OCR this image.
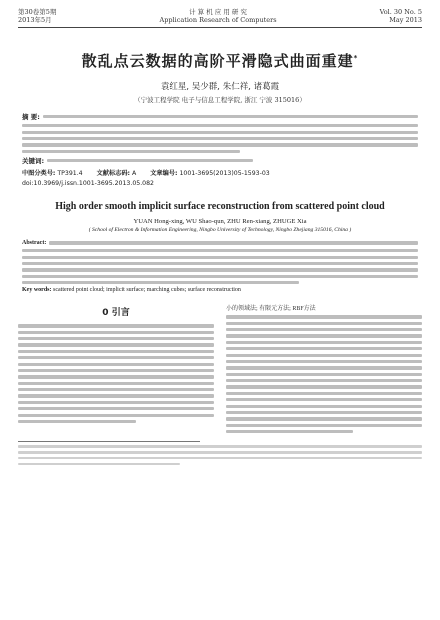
第30卷第5期
2013年5月
计 算 机 应 用 研 究
Application Research of Computers
Vol. 30 No. 5
May 2013
散乱点云数据的高阶平滑隐式曲面重建*
袁红星, 吴少群, 朱仁祥, 诸葛霞
（宁波工程学院 电子与信息工程学院, 浙江 宁波 315016）
摘 要:
关键词:
中图分类号: TP391.4 文献标志码: A 文章编号: 1001-3695(2013)05-1593-03
doi:10.3969/j.issn.1001-3695.2013.05.082
High order smooth implicit surface reconstruction from scattered point cloud
YUAN Hong-xing, WU Shao-qun, ZHU Ren-xiang, ZHUGE Xia
( School of Electron & Information Engineering, Ningbo University of Technology, Ningbo Zhejiang 315016, China )
Abstract:
Key words: scattered point cloud; implicit surface; marching cubes; surface reconstruction
0 引言	小的领域法; 有限元方法; RBF方法
